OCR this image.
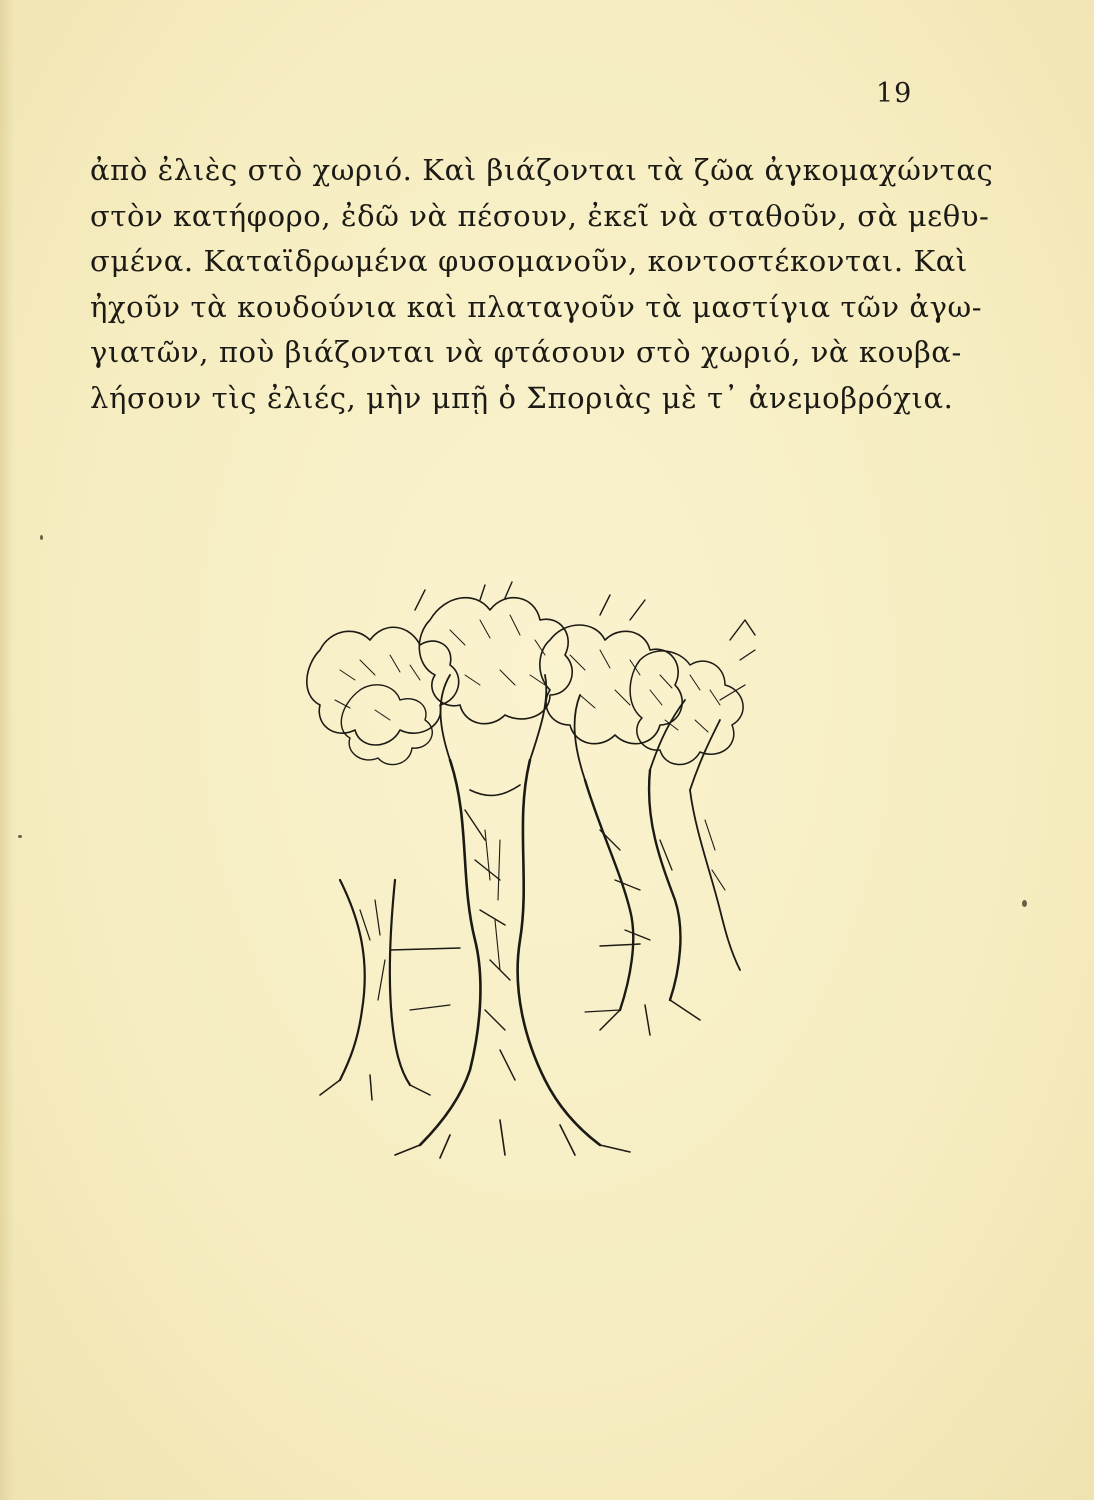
19
ἀπὸ ἐλιὲς στὸ χωριό. Καὶ βιάζονται τὰ ζῶα ἀγκομαχώντας
στὸν κατήφορο, ἐδῶ νὰ πέσουν, ἐκεῖ νὰ σταθοῦν, σὰ μεθυ-
σμένα. Καταϊδρωμένα φυσομανοῦν, κοντοστέκονται. Καὶ
ἠχοῦν τὰ κουδούνια καὶ πλαταγοῦν τὰ μαστίγια τῶν ἀγω-
γιατῶν, ποὺ βιάζονται νὰ φτάσουν στὸ χωριό, νὰ κουβα-
λήσουν τὶς ἐλιές, μὴν μπῇ ὁ Σποριὰς μὲ τ᾽ ἀνεμοβρόχια.
